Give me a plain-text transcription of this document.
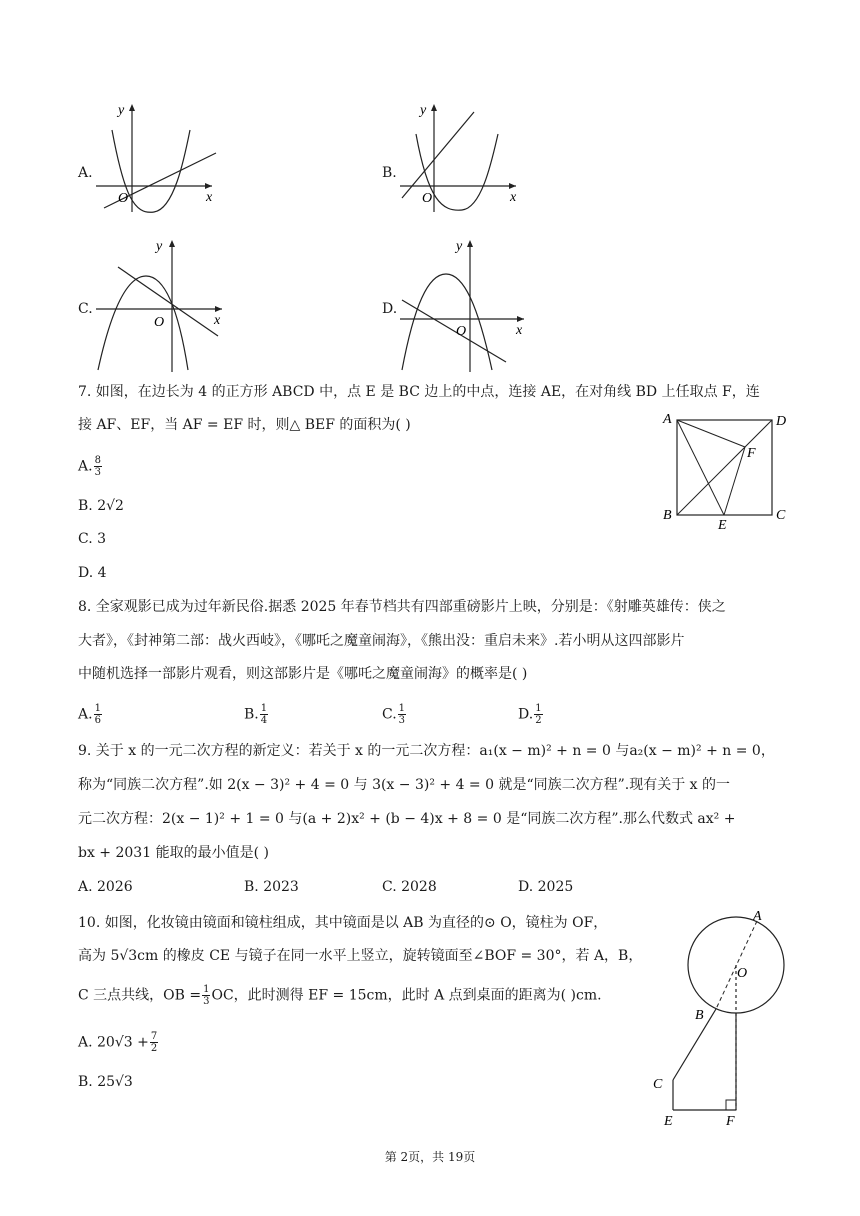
A.
y
x
O
B.
y
x
O
C.
y
x
O
D.
y
x
O
7. 如图，在边长为 4 的正方形 ABCD 中，点 E 是 BC 边上的中点，连接 AE，在对角线 BD 上任取点 F，连
接 AF、EF，当 AF = EF 时，则△ BEF 的面积为( )
A. $\frac{8}{3}$
B. 2√2
C. 3
D. 4
A	D
B	C
E
F
8. 全家观影已成为过年新民俗.据悉 2025 年春节档共有四部重磅影片上映，分别是：《射雕英雄传：侠之
大者》，《封神第二部：战火西岐》，《哪吒之魔童闹海》，《熊出没：重启未来》.若小明从这四部影片
中随机选择一部影片观看，则这部影片是《哪吒之魔童闹海》的概率是( )
A. $\frac{1}{6}$	B. $\frac{1}{4}$	C. $\frac{1}{3}$	D. $\frac{1}{2}$
9. 关于 x 的一元二次方程的新定义：若关于 x 的一元二次方程：a₁(x − m)² + n = 0 与a₂(x − m)² + n = 0，
称为“同族二次方程”.如 2(x − 3)² + 4 = 0 与 3(x − 3)² + 4 = 0 就是“同族二次方程”.现有关于 x 的一
元二次方程：2(x − 1)² + 1 = 0 与(a + 2)x² + (b − 4)x + 8 = 0 是“同族二次方程”.那么代数式 ax² +
bx + 2031 能取的最小值是( )
A. 2026	B. 2023	C. 2028	D. 2025
10. 如图，化妆镜由镜面和镜柱组成，其中镜面是以 AB 为直径的⊙ O，镜柱为 OF，
高为 5√3cm 的橡皮 CE 与镜子在同一水平上竖立，旋转镜面至∠BOF = 30°，若 A，B，
C 三点共线，OB = $\frac{1}{3}$ OC，此时测得 EF = 15cm，此时 A 点到桌面的距离为( )cm.
A. $20√3 + \frac{7}{2}$
B. 25√3
A
O
B
C
E	F
第 2页，共 19页
